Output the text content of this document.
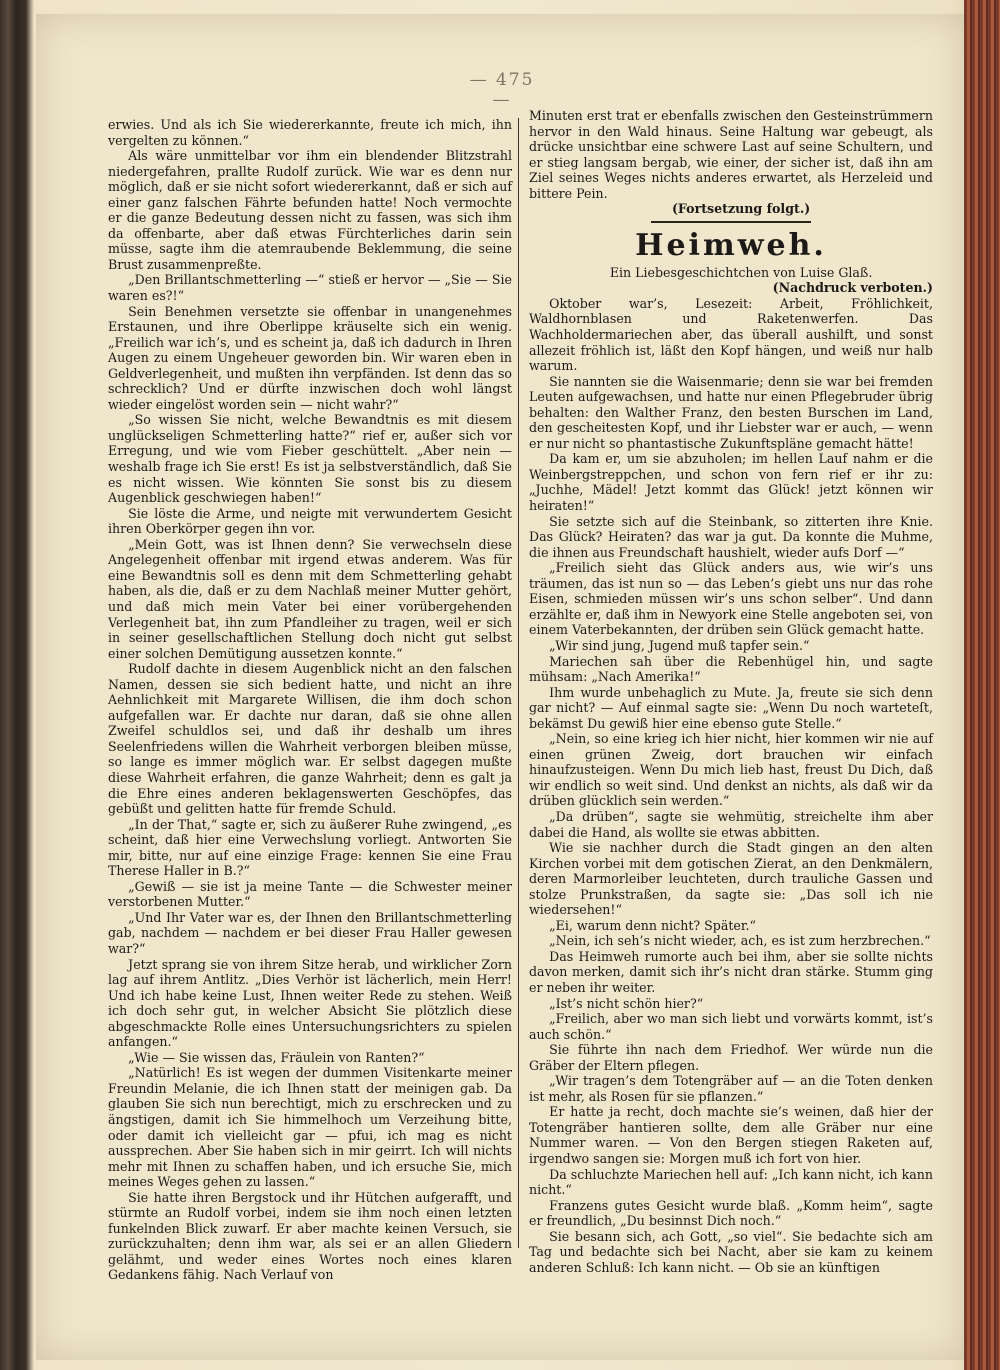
— 475 —

erwies. Und als ich Sie wiedererkannte, freute ich mich, ihn vergelten zu können.“

Als wäre unmittelbar vor ihm ein blendender Blitzstrahl niedergefahren, prallte Rudolf zurück. Wie war es denn nur möglich, daß er sie nicht sofort wiedererkannt, daß er sich auf einer ganz falschen Fährte befunden hatte! Noch vermochte er die ganze Bedeutung dessen nicht zu fassen, was sich ihm da offenbarte, aber daß etwas Fürchterliches darin sein müsse, sagte ihm die atemraubende Beklemmung, die seine Brust zusammenpreßte.

„Den Brillantschmetterling —“ stieß er hervor — „Sie — Sie waren es?!“

Sein Benehmen versetzte sie offenbar in unangenehmes Erstaunen, und ihre Oberlippe kräuselte sich ein wenig. „Freilich war ich’s, und es scheint ja, daß ich dadurch in Ihren Augen zu einem Ungeheuer geworden bin. Wir waren eben in Geldverlegenheit, und mußten ihn verpfänden. Ist denn das so schrecklich? Und er dürfte inzwischen doch wohl längst wieder eingelöst worden sein — nicht wahr?“

„So wissen Sie nicht, welche Bewandtnis es mit diesem unglückseligen Schmetterling hatte?“ rief er, außer sich vor Erregung, und wie vom Fieber geschüttelt. „Aber nein — weshalb frage ich Sie erst! Es ist ja selbstverständlich, daß Sie es nicht wissen. Wie könnten Sie sonst bis zu diesem Augenblick geschwiegen haben!“

Sie löste die Arme, und neigte mit verwundertem Gesicht ihren Oberkörper gegen ihn vor.

„Mein Gott, was ist Ihnen denn? Sie verwechseln diese Angelegenheit offenbar mit irgend etwas anderem. Was für eine Bewandtnis soll es denn mit dem Schmetterling gehabt haben, als die, daß er zu dem Nachlaß meiner Mutter gehört, und daß mich mein Vater bei einer vorübergehenden Verlegenheit bat, ihn zum Pfandleiher zu tragen, weil er sich in seiner gesellschaftlichen Stellung doch nicht gut selbst einer solchen Demütigung aussetzen konnte.“

Rudolf dachte in diesem Augenblick nicht an den falschen Namen, dessen sie sich bedient hatte, und nicht an ihre Aehnlichkeit mit Margarete Willisen, die ihm doch schon aufgefallen war. Er dachte nur daran, daß sie ohne allen Zweifel schuldlos sei, und daß ihr deshalb um ihres Seelenfriedens willen die Wahrheit verborgen bleiben müsse, so lange es immer möglich war. Er selbst dagegen mußte diese Wahrheit erfahren, die ganze Wahrheit; denn es galt ja die Ehre eines anderen beklagenswerten Geschöpfes, das gebüßt und gelitten hatte für fremde Schuld.

„In der That,“ sagte er, sich zu äußerer Ruhe zwingend, „es scheint, daß hier eine Verwechslung vorliegt. Antworten Sie mir, bitte, nur auf eine einzige Frage: kennen Sie eine Frau Therese Haller in B.?“

„Gewiß — sie ist ja meine Tante — die Schwester meiner verstorbenen Mutter.“

„Und Ihr Vater war es, der Ihnen den Brillantschmetterling gab, nachdem — nachdem er bei dieser Frau Haller gewesen war?“

Jetzt sprang sie von ihrem Sitze herab, und wirklicher Zorn lag auf ihrem Antlitz. „Dies Verhör ist lächerlich, mein Herr! Und ich habe keine Lust, Ihnen weiter Rede zu stehen. Weiß ich doch sehr gut, in welcher Absicht Sie plötzlich diese abgeschmackte Rolle eines Untersuchungsrichters zu spielen anfangen.“

„Wie — Sie wissen das, Fräulein von Ranten?“

„Natürlich! Es ist wegen der dummen Visitenkarte meiner Freundin Melanie, die ich Ihnen statt der meinigen gab. Da glauben Sie sich nun berechtigt, mich zu erschrecken und zu ängstigen, damit ich Sie himmelhoch um Verzeihung bitte, oder damit ich vielleicht gar — pfui, ich mag es nicht aussprechen. Aber Sie haben sich in mir geirrt. Ich will nichts mehr mit Ihnen zu schaffen haben, und ich ersuche Sie, mich meines Weges gehen zu lassen.“

Sie hatte ihren Bergstock und ihr Hütchen aufgerafft, und stürmte an Rudolf vorbei, indem sie ihm noch einen letzten funkelnden Blick zuwarf. Er aber machte keinen Versuch, sie zurückzuhalten; denn ihm war, als sei er an allen Gliedern gelähmt, und weder eines Wortes noch eines klaren Gedankens fähig. Nach Verlauf von

Minuten erst trat er ebenfalls zwischen den Gesteinstrümmern hervor in den Wald hinaus. Seine Haltung war gebeugt, als drücke unsichtbar eine schwere Last auf seine Schultern, und er stieg langsam bergab, wie einer, der sicher ist, daß ihn am Ziel seines Weges nichts anderes erwartet, als Herzeleid und bittere Pein.

(Fortsetzung folgt.)

Heimweh.

Ein Liebesgeschichtchen von Luise Glaß.

(Nachdruck verboten.)

Oktober war’s, Lesezeit: Arbeit, Fröhlichkeit, Waldhornblasen und Raketenwerfen. Das Wachholdermariechen aber, das überall aushilft, und sonst allezeit fröhlich ist, läßt den Kopf hängen, und weiß nur halb warum.

Sie nannten sie die Waisenmarie; denn sie war bei fremden Leuten aufgewachsen, und hatte nur einen Pflegebruder übrig behalten: den Walther Franz, den besten Burschen im Land, den gescheitesten Kopf, und ihr Liebster war er auch, — wenn er nur nicht so phantastische Zukunftspläne gemacht hätte!

Da kam er, um sie abzuholen; im hellen Lauf nahm er die Weinbergstreppchen, und schon von fern rief er ihr zu: „Juchhe, Mädel! Jetzt kommt das Glück! jetzt können wir heiraten!“

Sie setzte sich auf die Steinbank, so zitterten ihre Knie. Das Glück? Heiraten? das war ja gut. Da konnte die Muhme, die ihnen aus Freundschaft haushielt, wieder aufs Dorf —“

„Freilich sieht das Glück anders aus, wie wir’s uns träumen, das ist nun so — das Leben’s giebt uns nur das rohe Eisen, schmieden müssen wir’s uns schon selber“. Und dann erzählte er, daß ihm in Newyork eine Stelle angeboten sei, von einem Vaterbekannten, der drüben sein Glück gemacht hatte.

„Wir sind jung, Jugend muß tapfer sein.“

Mariechen sah über die Rebenhügel hin, und sagte mühsam: „Nach Amerika!“

Ihm wurde unbehaglich zu Mute. Ja, freute sie sich denn gar nicht? — Auf einmal sagte sie: „Wenn Du noch warteteſt, bekämst Du gewiß hier eine ebenso gute Stelle.“

„Nein, so eine krieg ich hier nicht, hier kommen wir nie auf einen grünen Zweig, dort brauchen wir einfach hinaufzusteigen. Wenn Du mich lieb hast, freust Du Dich, daß wir endlich so weit sind. Und denkst an nichts, als daß wir da drüben glücklich sein werden.“

„Da drüben“, sagte sie wehmütig, streichelte ihm aber dabei die Hand, als wollte sie etwas abbitten.

Wie sie nachher durch die Stadt gingen an den alten Kirchen vorbei mit dem gotischen Zierat, an den Denkmälern, deren Marmorleiber leuchteten, durch trauliche Gassen und stolze Prunkstraßen, da sagte sie: „Das soll ich nie wiedersehen!“

„Ei, warum denn nicht? Später.“

„Nein, ich seh’s nicht wieder, ach, es ist zum herzbrechen.“

Das Heimweh rumorte auch bei ihm, aber sie sollte nichts davon merken, damit sich ihr’s nicht dran stärke. Stumm ging er neben ihr weiter.

„Ist’s nicht schön hier?“

„Freilich, aber wo man sich liebt und vorwärts kommt, ist’s auch schön.“

Sie führte ihn nach dem Friedhof. Wer würde nun die Gräber der Eltern pflegen.

„Wir tragen’s dem Totengräber auf — an die Toten denken ist mehr, als Rosen für sie pflanzen.“

Er hatte ja recht, doch machte sie’s weinen, daß hier der Totengräber hantieren sollte, dem alle Gräber nur eine Nummer waren. — Von den Bergen stiegen Raketen auf, irgendwo sangen sie: Morgen muß ich fort von hier.

Da schluchzte Mariechen hell auf: „Ich kann nicht, ich kann nicht.“

Franzens gutes Gesicht wurde blaß. „Komm heim“, sagte er freundlich, „Du besinnst Dich noch.“

Sie besann sich, ach Gott, „so viel“. Sie bedachte sich am Tag und bedachte sich bei Nacht, aber sie kam zu keinem anderen Schluß: Ich kann nicht. — Ob sie an künftigen
